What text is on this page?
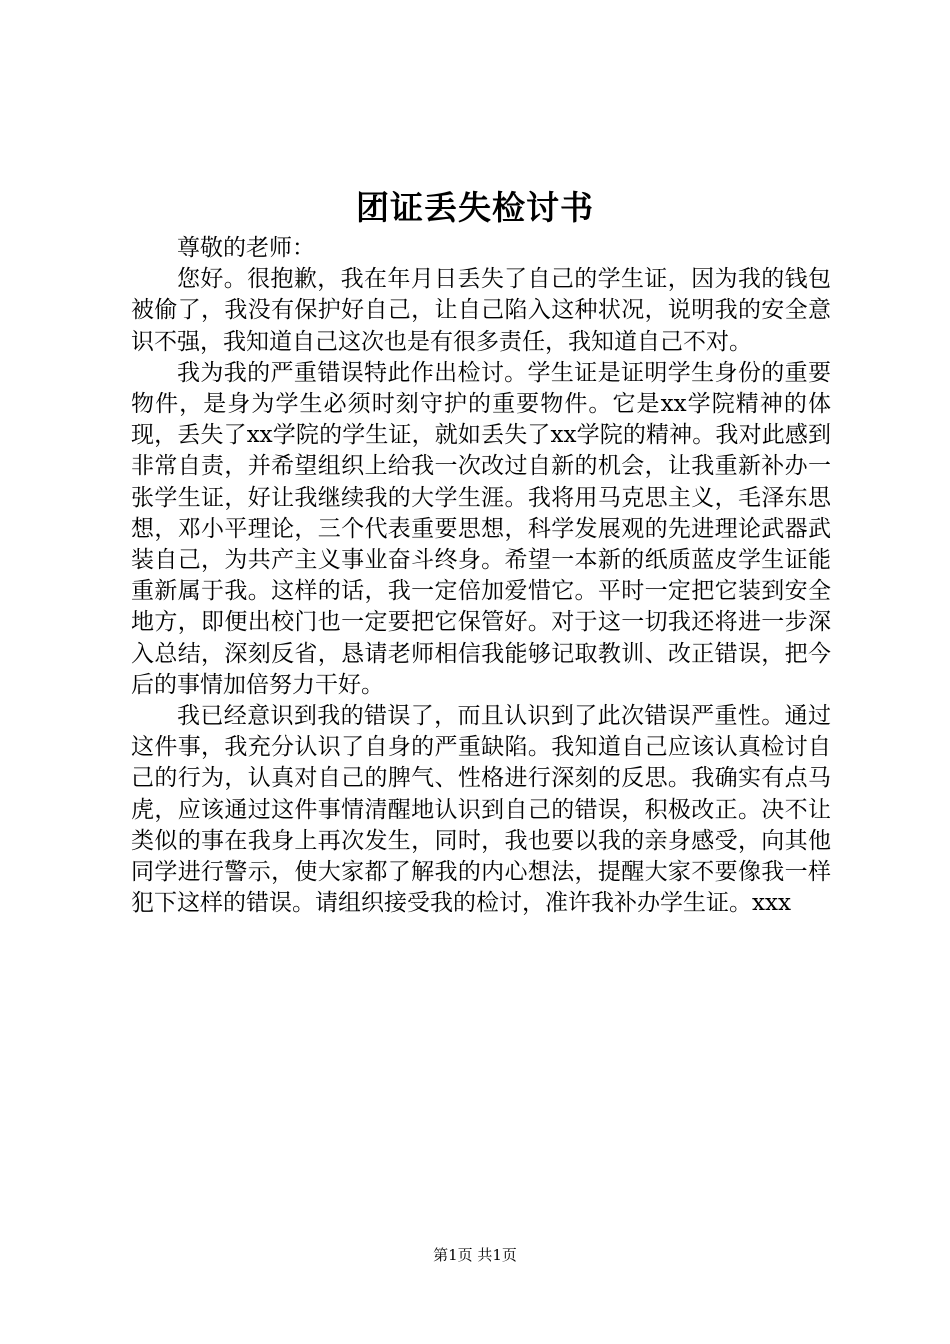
团证丢失检讨书

尊敬的老师：

您好。很抱歉，我在年月日丢失了自己的学生证，因为我的钱包被偷了，我没有保护好自己，让自己陷入这种状况，说明我的安全意识不强，我知道自己这次也是有很多责任，我知道自己不对。

我为我的严重错误特此作出检讨。学生证是证明学生身份的重要物件，是身为学生必须时刻守护的重要物件。它是xx学院精神的体现，丢失了xx学院的学生证，就如丢失了xx学院的精神。我对此感到非常自责，并希望组织上给我一次改过自新的机会，让我重新补办一张学生证，好让我继续我的大学生涯。我将用马克思主义，毛泽东思想，邓小平理论，三个代表重要思想，科学发展观的先进理论武器武装自己，为共产主义事业奋斗终身。希望一本新的纸质蓝皮学生证能重新属于我。这样的话，我一定倍加爱惜它。平时一定把它装到安全地方，即便出校门也一定要把它保管好。对于这一切我还将进一步深入总结，深刻反省，恳请老师相信我能够记取教训、改正错误，把今后的事情加倍努力干好。

我已经意识到我的错误了，而且认识到了此次错误严重性。通过这件事，我充分认识了自身的严重缺陷。我知道自己应该认真检讨自己的行为，认真对自己的脾气、性格进行深刻的反思。我确实有点马虎，应该通过这件事情清醒地认识到自己的错误，积极改正。决不让类似的事在我身上再次发生，同时，我也要以我的亲身感受，向其他同学进行警示，使大家都了解我的内心想法，提醒大家不要像我一样犯下这样的错误。请组织接受我的检讨，准许我补办学生证。xxx

第1页 共1页
